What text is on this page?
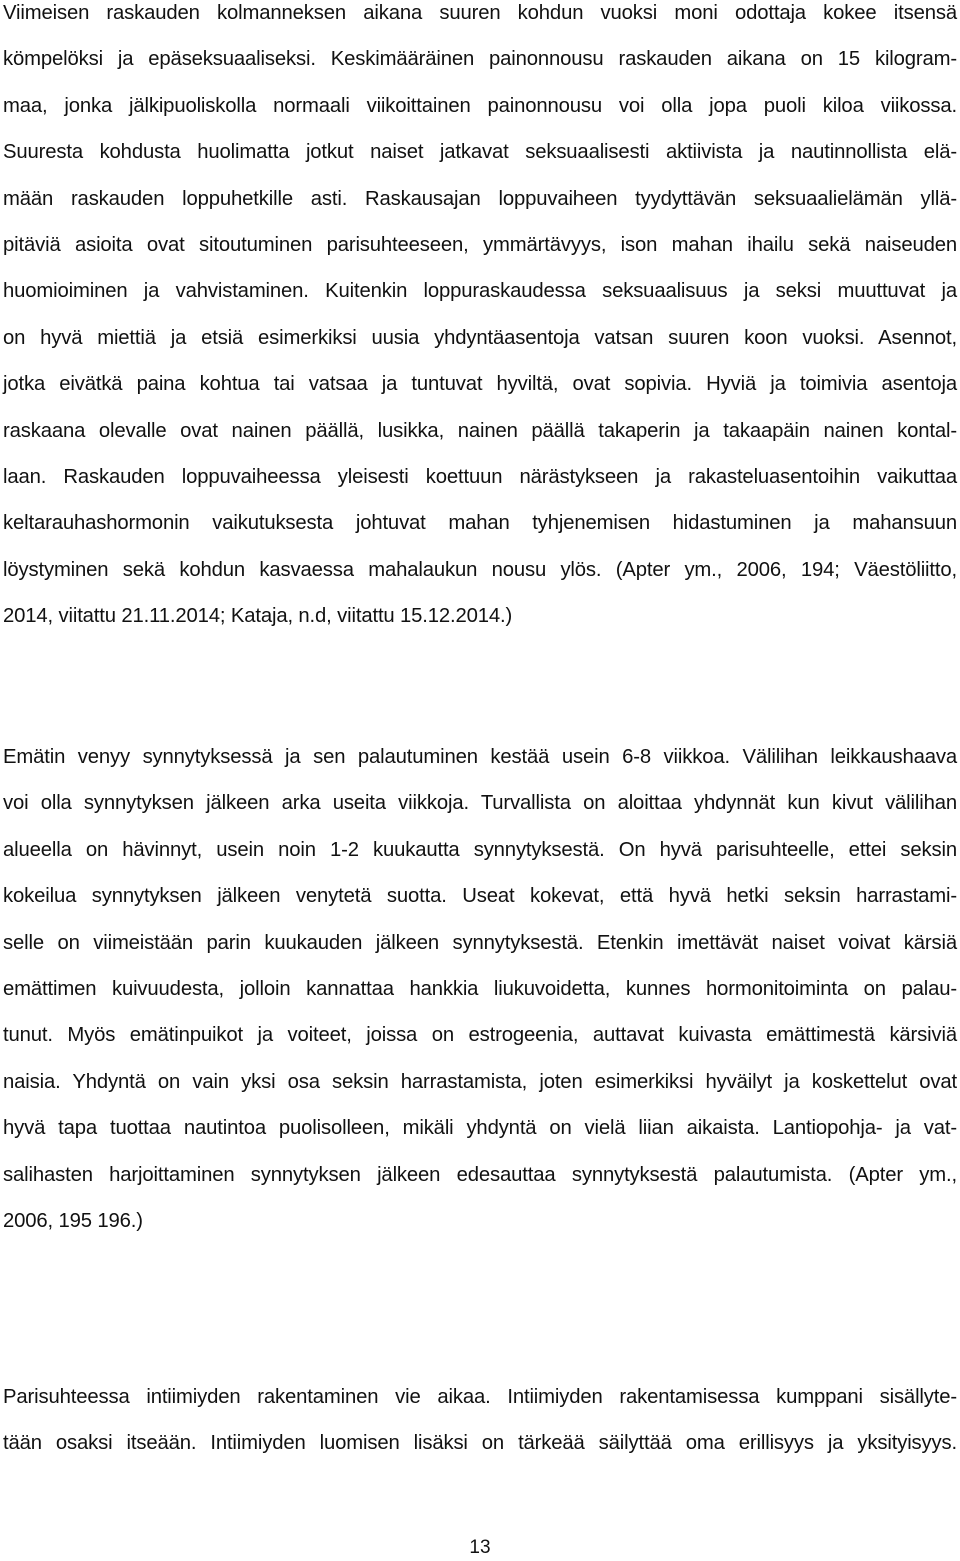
Viimeisen raskauden kolmanneksen aikana suuren kohdun vuoksi moni odottaja kokee itsensä
kömpelöksi ja epäseksuaaliseksi. Keskimääräinen painonnousu raskauden aikana on 15 kilogram-
maa, jonka jälkipuoliskolla normaali viikoittainen painonnousu voi olla jopa puoli kiloa viikossa.
Suuresta kohdusta huolimatta jotkut naiset jatkavat seksuaalisesti aktiivista ja nautinnollista elä-
mään raskauden loppuhetkille asti. Raskausajan loppuvaiheen tyydyttävän seksuaalielämän yllä-
pitäviä asioita ovat sitoutuminen parisuhteeseen, ymmärtävyys, ison mahan ihailu sekä naiseuden
huomioiminen ja vahvistaminen. Kuitenkin loppuraskaudessa seksuaalisuus ja seksi muuttuvat ja
on hyvä miettiä ja etsiä esimerkiksi uusia yhdyntäasentoja vatsan suuren koon vuoksi. Asennot,
jotka eivätkä paina kohtua tai vatsaa ja tuntuvat hyviltä, ovat sopivia. Hyviä ja toimivia asentoja
raskaana olevalle ovat nainen päällä, lusikka, nainen päällä takaperin ja takaapäin nainen kontal-
laan. Raskauden loppuvaiheessa yleisesti koettuun närästykseen ja rakasteluasentoihin vaikuttaa
keltarauhashormonin vaikutuksesta johtuvat mahan tyhjenemisen hidastuminen ja mahansuun
löystyminen sekä kohdun kasvaessa mahalaukun nousu ylös. (Apter ym., 2006, 194; Väestöliitto,
2014, viitattu 21.11.2014; Kataja, n.d, viitattu 15.12.2014.)
Emätin venyy synnytyksessä ja sen palautuminen kestää usein 6-8 viikkoa. Välilihan leikkaushaava
voi olla synnytyksen jälkeen arka useita viikkoja. Turvallista on aloittaa yhdynnät kun kivut välilihan
alueella on hävinnyt, usein noin 1-2 kuukautta synnytyksestä. On hyvä parisuhteelle, ettei seksin
kokeilua synnytyksen jälkeen venytetä suotta. Useat kokevat, että hyvä hetki seksin harrastami-
selle on viimeistään parin kuukauden jälkeen synnytyksestä. Etenkin imettävät naiset voivat kärsiä
emättimen kuivuudesta, jolloin kannattaa hankkia liukuvoidetta, kunnes hormonitoiminta on palau-
tunut. Myös emätinpuikot ja voiteet, joissa on estrogeenia, auttavat kuivasta emättimestä kärsiviä
naisia. Yhdyntä on vain yksi osa seksin harrastamista, joten esimerkiksi hyväilyt ja koskettelut ovat
hyvä tapa tuottaa nautintoa puolisolleen, mikäli yhdyntä on vielä liian aikaista. Lantiopohja- ja vat-
salihasten harjoittaminen synnytyksen jälkeen edesauttaa synnytyksestä palautumista. (Apter ym.,
2006, 195 196.)
Parisuhteessa intiimiyden rakentaminen vie aikaa. Intiimiyden rakentamisessa kumppani sisällyte-
tään osaksi itseään. Intiimiyden luomisen lisäksi on tärkeää säilyttää oma erillisyys ja yksityisyys.
13
